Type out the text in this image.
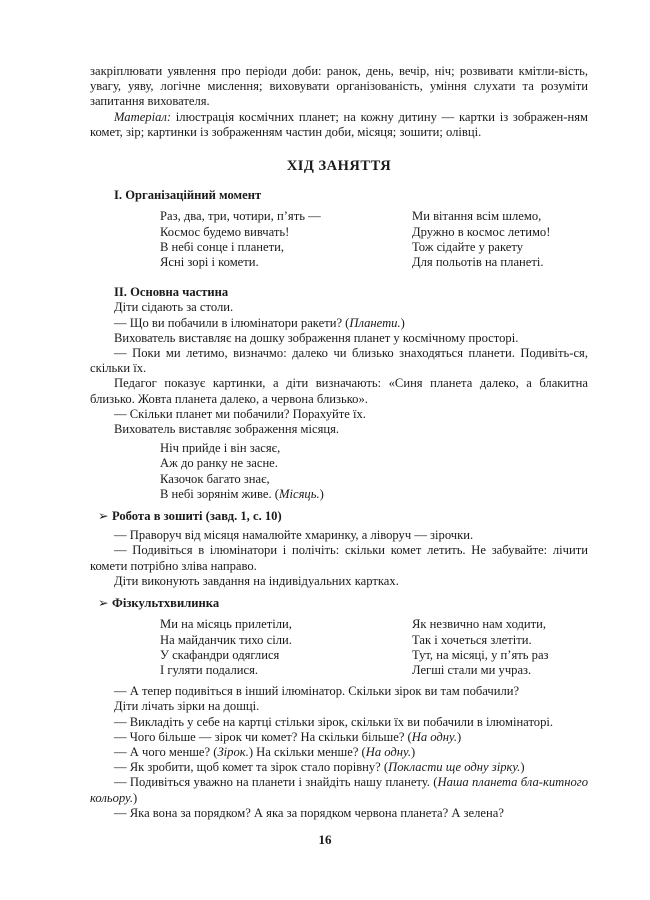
закріплювати уявлення про періоди доби: ранок, день, вечір, ніч; розвивати кмітли-вість, увагу, уяву, логічне мислення; виховувати організованість, уміння слухати та розуміти запитання вихователя.

Матеріал: ілюстрація космічних планет; на кожну дитину — картки із зображен-ням комет, зір; картинки із зображенням частин доби, місяця; зошити; олівці.

ХІД ЗАНЯТТЯ
І. Організаційний момент
Раз, два, три, чотири, п’ять —
Космос будемо вивчать!
В небі сонце і планети,
Ясні зорі і комети.
Ми вітання всім шлемо,
Дружно в космос летимо!
Тож сідайте у ракету
Для польотів на планеті.
ІІ. Основна частина

Діти сідають за столи.

— Що ви побачили в ілюмінатори ракети? (Планети.)

Вихователь виставляє на дошку зображення планет у космічному просторі.

— Поки ми летимо, визначмо: далеко чи близько знаходяться планети. Подивіть-ся, скільки їх.

Педагог показує картинки, а діти визначають: «Синя планета далеко, а блакитна близько. Жовта планета далеко, а червона близько».

— Скільки планет ми побачили? Порахуйте їх.

Вихователь виставляє зображення місяця.

Ніч прийде і він засяє,
Аж до ранку не засне.
Казочок багато знає,
В небі зорянім живе. (Місяць.)
➢ Робота в зошиті (завд. 1, с. 10)

— Праворуч від місяця намалюйте хмаринку, а ліворуч — зірочки.

— Подивіться в ілюмінатори і полічіть: скільки комет летить. Не забувайте: лічити комети потрібно зліва направо.

Діти виконують завдання на індивідуальних картках.

➢ Фізкультхвилинка
Ми на місяць прилетіли,
На майданчик тихо сіли.
У скафандри одяглися
І гуляти подалися.
Як незвично нам ходити,
Так і хочеться злетіти.
Тут, на місяці, у п’ять раз
Легші стали ми учраз.

— А тепер подивіться в інший ілюмінатор. Скільки зірок ви там побачили?

Діти лічать зірки на дошці.

— Викладіть у себе на картці стільки зірок, скільки їх ви побачили в ілюмінаторі.

— Чого більше — зірок чи комет? На скільки більше? (На одну.)

— А чого менше? (Зірок.) На скільки менше? (На одну.)

— Як зробити, щоб комет та зірок стало порівну? (Покласти ще одну зірку.)

— Подивіться уважно на планети і знайдіть нашу планету. (Наша планета бла-китного кольору.)

— Яка вона за порядком? А яка за порядком червона планета? А зелена?

16
